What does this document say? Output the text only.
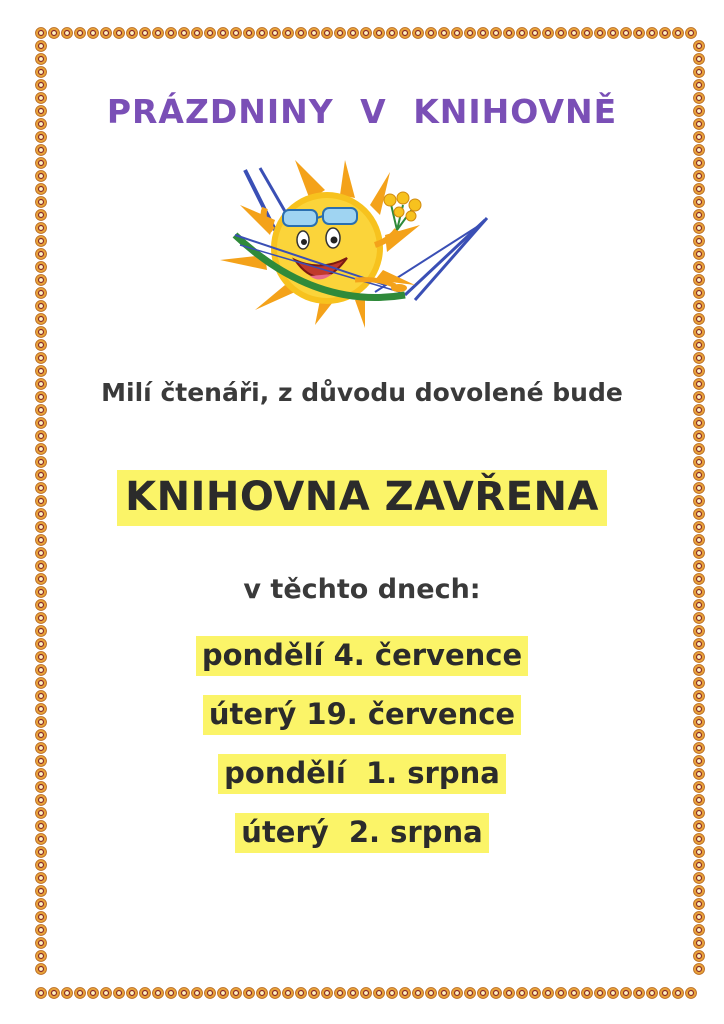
PRÁZDNINY V KNIHOVNĚ
Milí čtenáři, z důvodu dovolené bude
KNIHOVNA ZAVŘENA
v těchto dnech:
pondělí 4. července
úterý 19. července
pondělí  1. srpna
úterý  2. srpna
